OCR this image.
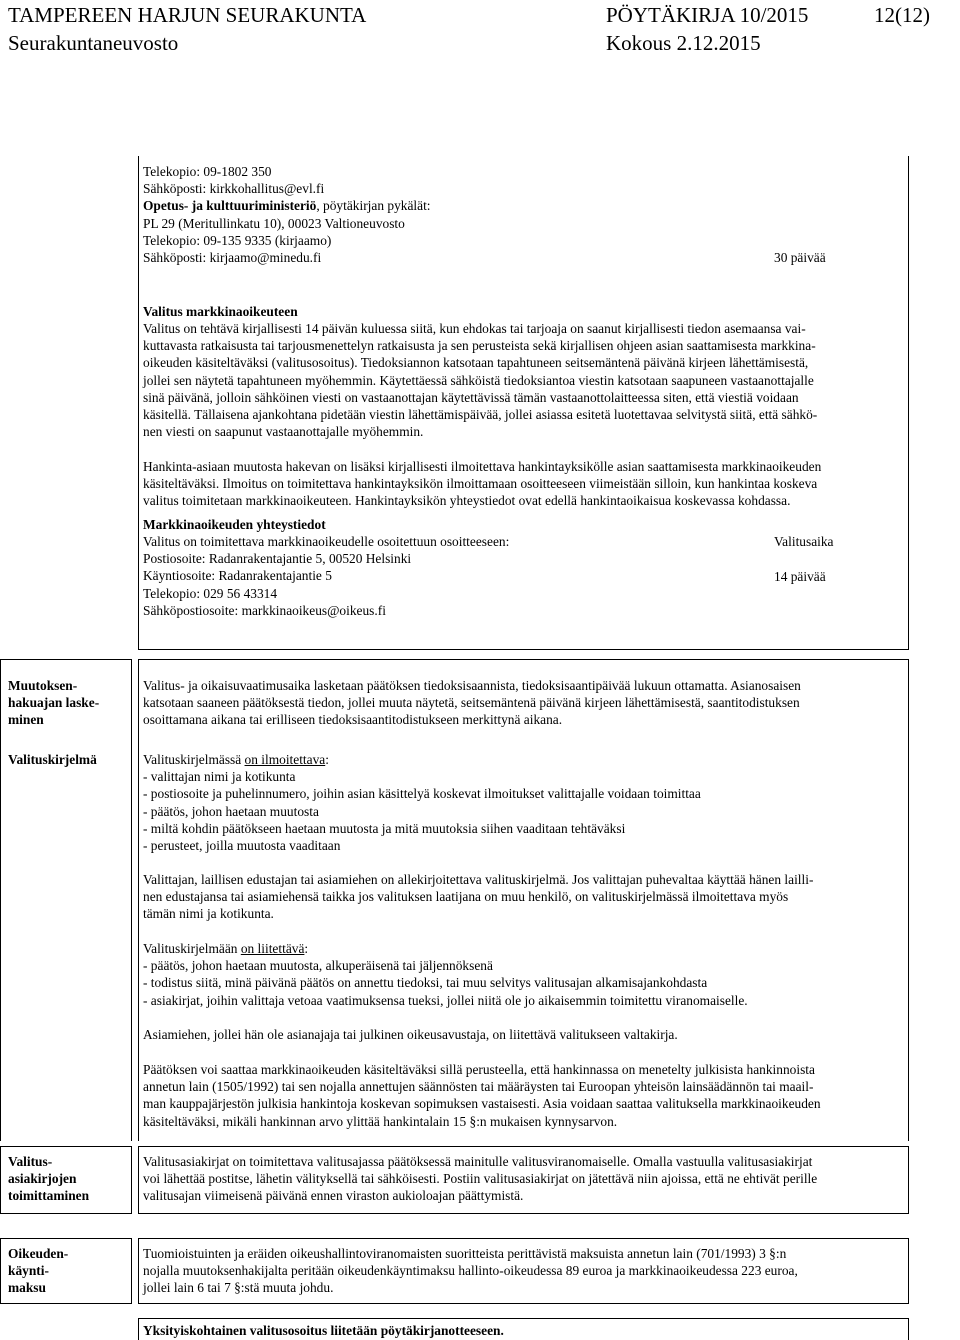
TAMPEREEN HARJUN SEURAKUNTA	PÖYTÄKIRJA 10/2015	12(12)
Seurakuntaneuvosto	Kokous 2.12.2015
Telekopio: 09-1802 350
Sähköposti: kirkkohallitus@evl.fi
Opetus- ja kulttuuriministeriö, pöytäkirjan pykälät:
PL 29 (Meritullinkatu 10), 00023 Valtioneuvosto
Telekopio: 09-135 9335 (kirjaamo)
Sähköposti: kirjaamo@minedu.fi	30 päivää
Valitus markkinaoikeuteen
Valitus on tehtävä kirjallisesti 14 päivän kuluessa siitä, kun ehdokas tai tarjoaja on saanut kirjallisesti tiedon asemaansa vai-
kuttavasta ratkaisusta tai tarjousmenettelyn ratkaisusta ja sen perusteista sekä kirjallisen ohjeen asian saattamisesta markkina-
oikeuden käsiteltäväksi (valitusosoitus). Tiedoksiannon katsotaan tapahtuneen seitsemäntenä päivänä kirjeen lähettämisestä,
jollei sen näytetä tapahtuneen myöhemmin. Käytettäessä sähköistä tiedoksiantoa viestin katsotaan saapuneen vastaanottajalle
sinä päivänä, jolloin sähköinen viesti on vastaanottajan käytettävissä tämän vastaanottolaitteessa siten, että viestiä voidaan
käsitellä. Tällaisena ajankohtana pidetään viestin lähettämispäivää, jollei asiassa esitetä luotettavaa selvitystä siitä, että sähkö-
nen viesti on saapunut vastaanottajalle myöhemmin.
Hankinta-asiaan muutosta hakevan on lisäksi kirjallisesti ilmoitettava hankintayksikölle asian saattamisesta markkinaoikeuden
käsiteltäväksi. Ilmoitus on toimitettava hankintayksikön ilmoittamaan osoitteeseen viimeistään silloin, kun hankintaa koskeva
valitus toimitetaan markkinaoikeuteen. Hankintayksikön yhteystiedot ovat edellä hankintaoikaisua koskevassa kohdassa.
Markkinaoikeuden yhteystiedot
Valitus on toimitettava markkinaoikeudelle osoitettuun osoitteeseen:
Postiosoite: Radanrakentajantie 5, 00520 Helsinki
Käyntiosoite: Radanrakentajantie 5
Telekopio: 029 56 43314
Sähköpostiosoite: markkinaoikeus@oikeus.fi
Valitusaika
14 päivää
Muutoksen-
hakuajan laske-
minen
Valitus- ja oikaisuvaatimusaika lasketaan päätöksen tiedoksisaannista, tiedoksisaantipäivää lukuun ottamatta. Asianosaisen
katsotaan saaneen päätöksestä tiedon, jollei muuta näytetä, seitsemäntenä päivänä kirjeen lähettämisestä, saantitodistuksen
osoittamana aikana tai erilliseen tiedoksisaantitodistukseen merkittynä aikana.
Valituskirjelmä	Valituskirjelmässä on ilmoitettava:
- valittajan nimi ja kotikunta
- postiosoite ja puhelinnumero, joihin asian käsittelyä koskevat ilmoitukset valittajalle voidaan toimittaa
- päätös, johon haetaan muutosta
- miltä kohdin päätökseen haetaan muutosta ja mitä muutoksia siihen vaaditaan tehtäväksi
- perusteet, joilla muutosta vaaditaan
Valittajan, laillisen edustajan tai asiamiehen on allekirjoitettava valituskirjelmä. Jos valittajan puhevaltaa käyttää hänen lailli-
nen edustajansa tai asiamiehensä taikka jos valituksen laatijana on muu henkilö, on valituskirjelmässä ilmoitettava myös
tämän nimi ja kotikunta.
Valituskirjelmään on liitettävä:
- päätös, johon haetaan muutosta, alkuperäisenä tai jäljennöksenä
- todistus siitä, minä päivänä päätös on annettu tiedoksi, tai muu selvitys valitusajan alkamisajankohdasta
- asiakirjat, joihin valittaja vetoaa vaatimuksensa tueksi, jollei niitä ole jo aikaisemmin toimitettu viranomaiselle.
Asiamiehen, jollei hän ole asianajaja tai julkinen oikeusavustaja, on liitettävä valitukseen valtakirja.
Päätöksen voi saattaa markkinaoikeuden käsiteltäväksi sillä perusteella, että hankinnassa on menetelty julkisista hankinnoista
annetun lain (1505/1992) tai sen nojalla annettujen säännösten tai määräysten tai Euroopan yhteisön lainsäädännön tai maail-
man kauppajärjestön julkisia hankintoja koskevan sopimuksen vastaisesti. Asia voidaan saattaa valituksella markkinaoikeuden
käsiteltäväksi, mikäli hankinnan arvo ylittää hankintalain 15 §:n mukaisen kynnysarvon.
Valitus-
asiakirjojen
toimittaminen
Valitusasiakirjat on toimitettava valitusajassa päätöksessä mainitulle valitusviranomaiselle. Omalla vastuulla valitusasiakirjat
voi lähettää postitse, lähetin välityksellä tai sähköisesti. Postiin valitusasiakirjat on jätettävä niin ajoissa, että ne ehtivät perille
valitusajan viimeisenä päivänä ennen viraston aukioloajan päättymistä.
Oikeuden-
käynti-
maksu
Tuomioistuinten ja eräiden oikeushallintoviranomaisten suoritteista perittävistä maksuista annetun lain (701/1993) 3 §:n
nojalla muutoksenhakijalta peritään oikeudenkäyntimaksu hallinto-oikeudessa 89 euroa ja markkinaoikeudessa 223 euroa,
jollei lain 6 tai 7 §:stä muuta johdu.
Yksityiskohtainen valitusosoitus liitetään pöytäkirjanotteeseen.
